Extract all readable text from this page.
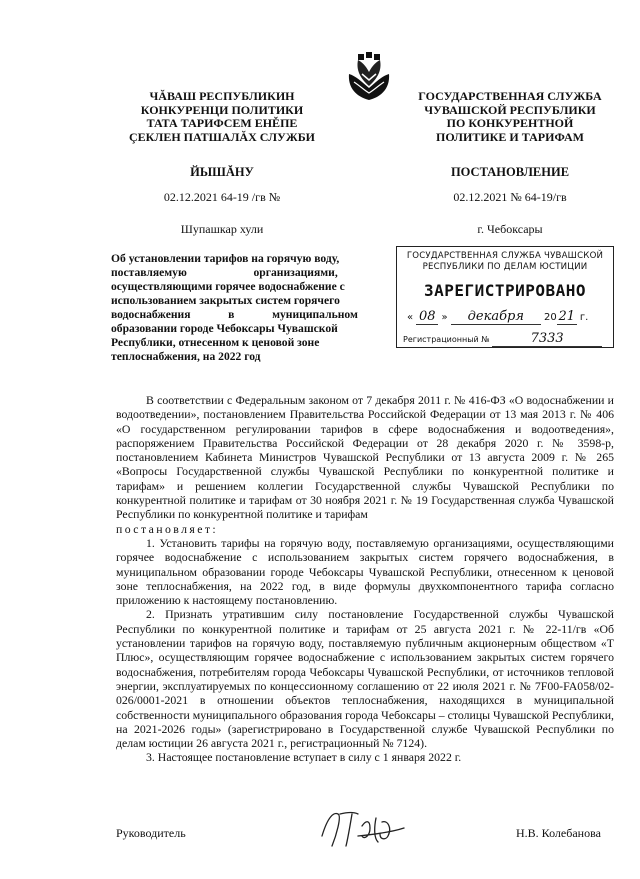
ЧĂВАШ РЕСПУБЛИКИН
КОНКУРЕНЦИ ПОЛИТИКИ
ТАТА ТАРИФСЕМ ЕНĚПЕ
ÇЕКЛЕН ПАТШАЛĂХ СЛУЖБИ
ЙЫШĂНУ
02.12.2021 64-19 /гв №
Шупашкар хули
ГОСУДАРСТВЕННАЯ СЛУЖБА
ЧУВАШСКОЙ РЕСПУБЛИКИ
ПО КОНКУРЕНТНОЙ
ПОЛИТИКЕ И ТАРИФАМ
ПОСТАНОВЛЕНИЕ
02.12.2021 № 64-19/гв
г. Чебоксары
Об установлении тарифов на горячую воду,
поставляемую                       организациями,
осуществляющими горячее водоснабжение с
использованием закрытых систем горячего
водоснабжения             в             муниципальном
образовании городе Чебоксары Чувашской
Республики, отнесенном к ценовой зоне
теплоснабжения, на 2022 год
ГОСУДАРСТВЕННАЯ СЛУЖБА ЧУВАШСКОЙ
РЕСПУБЛИКИ ПО ДЕЛАМ ЮСТИЦИИ
ЗАРЕГИСТРИРОВАНО
« 08 » декабря 20 21 г.
Регистрационный №	7333

В соответствии с Федеральным законом от 7 декабря 2011 г. № 416-ФЗ «О водоснабжении и водоотведении», постановлением Правительства Российской Федерации от 13 мая 2013 г. № 406 «О государственном регулировании тарифов в сфере водоснабжения и водоотведения», распоряжением Правительства Российской Федерации от 28 декабря 2020 г. № 3598-р, постановлением Кабинета Министров Чувашской Республики от 13 августа 2009 г. № 265 «Вопросы Государственной службы Чувашской Республики по конкурентной политике и тарифам» и решением коллегии Государственной службы Чувашской Республики по конкурентной политике и тарифам от 30 ноября 2021 г. № 19 Государственная служба Чувашской Республики по конкурентной политике и тарифам

постановляет:

1. Установить тарифы на горячую воду, поставляемую организациями, осуществляющими горячее водоснабжение с использованием закрытых систем горячего водоснабжения, в муниципальном образовании городе Чебоксары Чувашской Республики, отнесенном к ценовой зоне теплоснабжения, на 2022 год, в виде формулы двухкомпонентного тарифа согласно приложению к настоящему постановлению.

2. Признать утратившим силу постановление Государственной службы Чувашской Республики по конкурентной политике и тарифам от 25 августа 2021 г. № 22-11/гв «Об установлении тарифов на горячую воду, поставляемую публичным акционерным обществом «Т Плюс», осуществляющим горячее водоснабжение с использованием закрытых систем горячего водоснабжения, потребителям города Чебоксары Чувашской Республики, от источников тепловой энергии, эксплуатируемых по концессионному соглашению от 22 июля 2021 г. № 7F00-FA058/02-026/0001-2021 в отношении объектов теплоснабжения, находящихся в муниципальной собственности муниципального образования города Чебоксары – столицы Чувашской Республики, на 2021-2026 годы» (зарегистрировано в Государственной службе Чувашской Республики по делам юстиции 26 августа 2021 г., регистрационный № 7124).

3. Настоящее постановление вступает в силу с 1 января 2022 г.

Руководитель	Н.В. Колебанова
